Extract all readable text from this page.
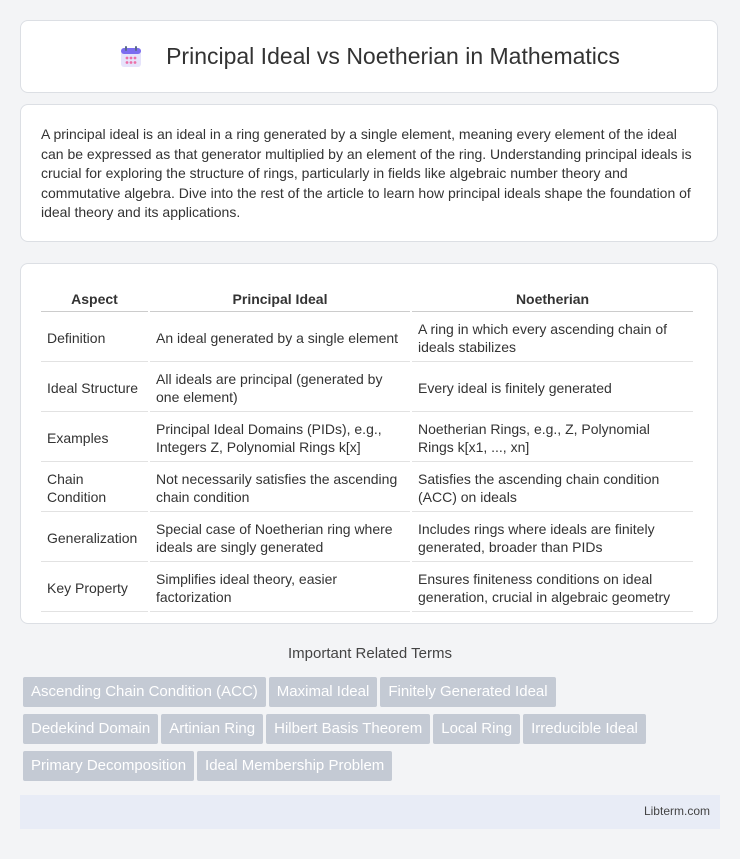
Principal Ideal vs Noetherian in Mathematics

A principal ideal is an ideal in a ring generated by a single element, meaning every element of the ideal can be expressed as that generator multiplied by an element of the ring. Understanding principal ideals is crucial for exploring the structure of rings, particularly in fields like algebraic number theory and commutative algebra. Dive into the rest of the article to learn how principal ideals shape the foundation of ideal theory and its applications.

Aspect	Principal Ideal	Noetherian
Definition	An ideal generated by a single element	A ring in which every ascending chain of ideals stabilizes
Ideal Structure	All ideals are principal (generated by one element)	Every ideal is finitely generated
Examples	Principal Ideal Domains (PIDs), e.g., Integers Z, Polynomial Rings k[x]	Noetherian Rings, e.g., Z, Polynomial Rings k[x1, ..., xn]
Chain Condition	Not necessarily satisfies the ascending chain condition	Satisfies the ascending chain condition (ACC) on ideals
Generalization	Special case of Noetherian ring where ideals are singly generated	Includes rings where ideals are finitely generated, broader than PIDs
Key Property	Simplifies ideal theory, easier factorization	Ensures finiteness conditions on ideal generation, crucial in algebraic geometry
Important Related Terms
Ascending Chain Condition (ACC) Maximal Ideal Finitely Generated Ideal
Dedekind Domain Artinian Ring Hilbert Basis Theorem Local Ring Irreducible Ideal
Primary Decomposition Ideal Membership Problem
Libterm.com
